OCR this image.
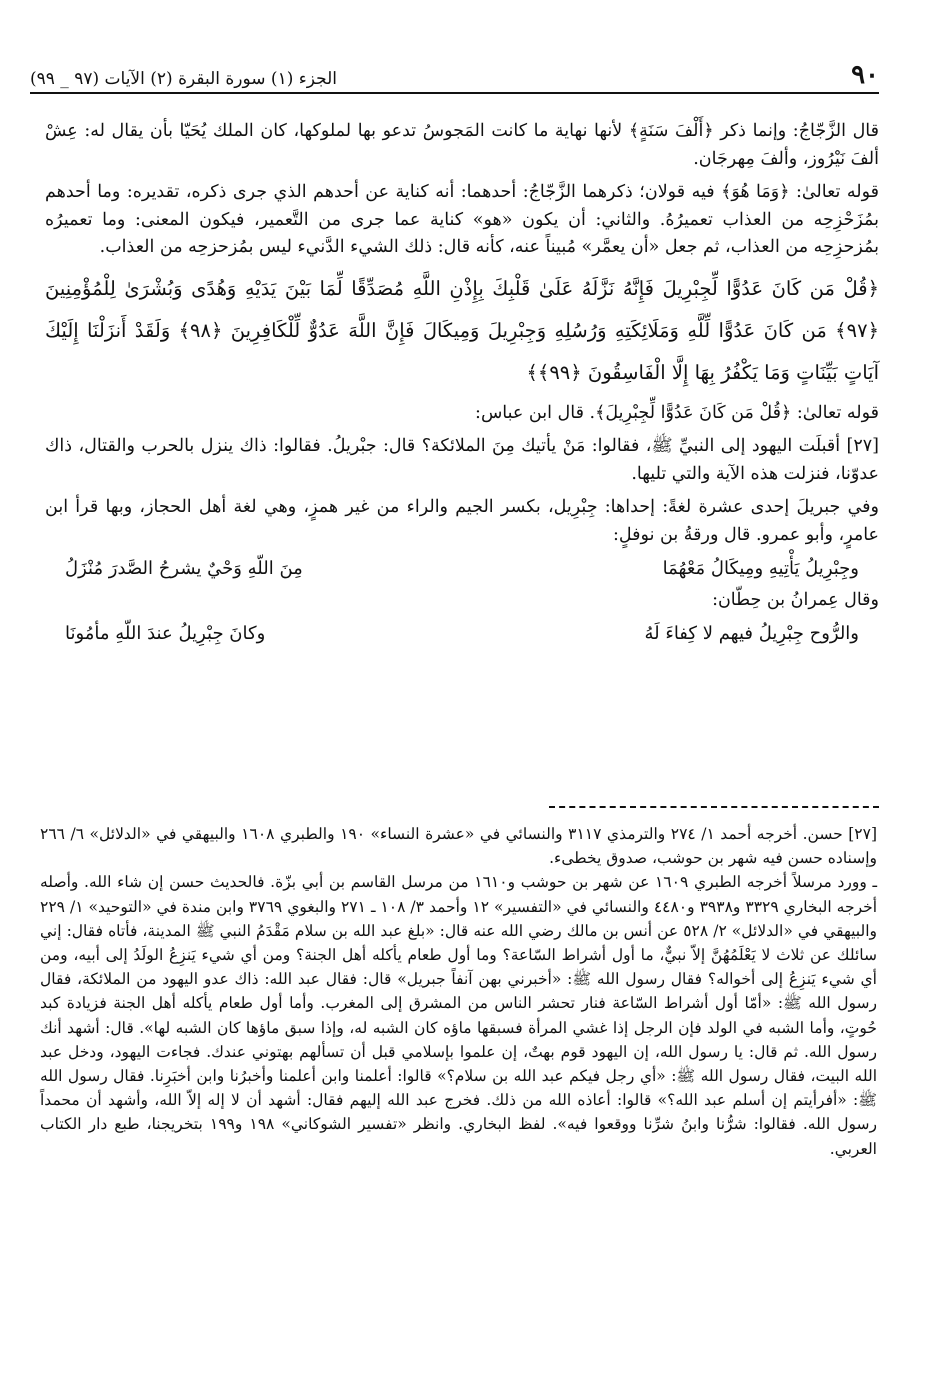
٩٠
الجزء (١) سورة البقرة (٢) الآيات (٩٧ _ ٩٩)

قال الزَّجّاجُ: وإنما ذكر ﴿أَلْفَ سَنَةٍ﴾ لأنها نهاية ما كانت المَجوسُ تدعو بها لملوكها، كان الملك يُحَيّا بأن يقال له: عِشْ ألفَ نَيْرُوز، وألفَ مِهرجَان.

قوله تعالىٰ: ﴿وَمَا هُوَ﴾ فيه قولان؛ ذكرهما الزَّجّاجُ: أحدهما: أنه كناية عن أحدهم الذي جرى ذكره، تقديره: وما أحدهم بمُزَحْزِحِه من العذاب تعميرُهُ. والثاني: أن يكون «هو» كناية عما جرى من التَّعمير، فيكون المعنى: وما تعميرُه بمُزحزِحِه من العذاب، ثم جعل «أن يعمَّر» مُبيناً عنه، كأنه قال: ذلك الشيء الدَّنيء ليس بمُزحزحِه من العذاب.

﴿قُلْ مَن كَانَ عَدُوًّا لِّجِبْرِيلَ فَإِنَّهُ نَزَّلَهُ عَلَىٰ قَلْبِكَ بِإِذْنِ اللَّهِ مُصَدِّقًا لِّمَا بَيْنَ يَدَيْهِ وَهُدًى وَبُشْرَىٰ لِلْمُؤْمِنِينَ ﴿٩٧﴾ مَن كَانَ عَدُوًّا لِّلَّهِ وَمَلَائِكَتِهِ وَرُسُلِهِ وَجِبْرِيلَ وَمِيكَالَ فَإِنَّ اللَّهَ عَدُوٌّ لِّلْكَافِرِينَ ﴿٩٨﴾ وَلَقَدْ أَنزَلْنَا إِلَيْكَ آيَاتٍ بَيِّنَاتٍ وَمَا يَكْفُرُ بِهَا إِلَّا الْفَاسِقُونَ ﴿٩٩﴾﴾

قوله تعالىٰ: ﴿قُلْ مَن كَانَ عَدُوًّا لِّجِبْرِيلَ﴾. قال ابن عباس:

[٢٧] أقبلَت اليهود إلى النبيِّ ﷺ، فقالوا: مَنْ يأتيك مِنَ الملائكة؟ قال: جبْريلُ. فقالوا: ذاك ينزل بالحرب والقتال، ذاك عدوّنا، فنزلت هذه الآية والتي تليها.

وفي جبريلَ إحدى عشرة لغةً: إحداها: جِبْرِيل، بكسر الجيم والراء من غير همزٍ، وهي لغة أهل الحجاز، وبها قرأ ابن عامرٍ، وأبو عمرو. قال ورقةُ بن نوفلٍ:

وجِبْرِيلُ يَأْتِيهِ ومِيكَالُ مَعْهُمَا
مِنَ اللّهِ وَحْيٌ يشرحُ الصَّدرَ مُنْزَلُ

وقال عِمرانُ بن حِطّان:

والرُّوح جِبْرِيلُ فيهم لا كِفاءَ لَهُ
وكانَ جِبْرِيلُ عندَ اللّهِ مأمُونَا

[٢٧] حسن. أخرجه أحمد ١/ ٢٧٤ والترمذي ٣١١٧ والنسائي في «عشرة النساء» ١٩٠ والطبري ١٦٠٨ والبيهقي في «الدلائل» ٦/ ٢٦٦ وإسناده حسن فيه شهر بن حوشب، صدوق يخطىء.

ـ وورد مرسلاً أخرجه الطبري ١٦٠٩ عن شهر بن حوشب و١٦١٠ من مرسل القاسم بن أبي بزّة. فالحديث حسن إن شاء الله. وأصله أخرجه البخاري ٣٣٢٩ و٣٩٣٨ و٤٤٨٠ والنسائي في «التفسير» ١٢ وأحمد ٣/ ١٠٨ ـ ٢٧١ والبغوي ٣٧٦٩ وابن مندة في «التوحيد» ١/ ٢٢٩ والبيهقي في «الدلائل» ٢/ ٥٢٨ عن أنس بن مالك رضي الله عنه قال: «بلغ عبد الله بن سلام مَقْدَمُ النبي ﷺ المدينة، فأتاه فقال: إني سائلك عن ثلاث لا يَعْلَمُهُنَّ إلاّ نبيٌّ، ما أول أشراط السّاعة؟ وما أول طعام يأكله أهل الجنة؟ ومن أي شيء يَنزِعُ الولَدُ إلى أبيه، ومن أي شيء يَنزِعُ إلى أخواله؟ فقال رسول الله ﷺ: «أخبرني بهن آنفاً جبريل» قال: فقال عبد الله: ذاك عدو اليهود من الملائكة، فقال رسول الله ﷺ: «أمّا أول أشراط السّاعة فنار تحشر الناس من المشرق إلى المغرب. وأما أول طعام يأكله أهل الجنة فزيادة كبد حُوتٍ، وأما الشبه في الولد فإن الرجل إذا غشي المرأة فسبقها ماؤه كان الشبه له، وإذا سبق ماؤها كان الشبه لها». قال: أشهد أنك رسول الله. ثم قال: يا رسول الله، إن اليهود قوم بهتٌ، إن علموا بإسلامي قبل أن تسألهم بهتوني عندك. فجاءت اليهود، ودخل عبد الله البيت، فقال رسول الله ﷺ: «أي رجل فيكم عبد الله بن سلام؟» قالوا: أعلمنا وابن أعلمنا وأخبرُنا وابن أخبَرِنا. فقال رسول الله ﷺ: «أفرأيتم إن أسلم عبد الله؟» قالوا: أعاذه الله من ذلك. فخرج عبد الله إليهم فقال: أشهد أن لا إله إلاّ الله، وأشهد أن محمداً رسول الله. فقالوا: شرُّنا وابنُ شرِّنا ووقعوا فيه». لفظ البخاري. وانظر «تفسير الشوكاني» ١٩٨ و١٩٩ بتخريجنا، طبع دار الكتاب العربي.
